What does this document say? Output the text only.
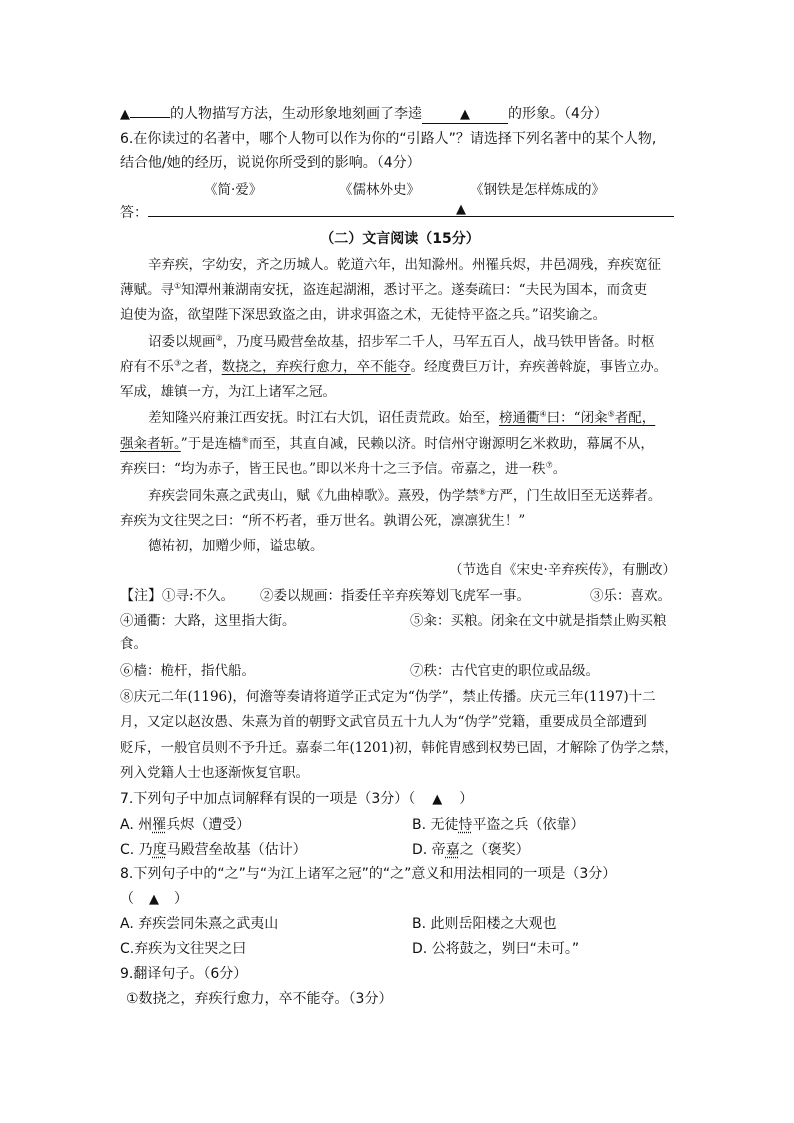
▲	的人物描写方法，生动形象地刻画了李逵	▲	的形象。（4分）
6.在你读过的名著中，哪个人物可以作为你的“引路人”？请选择下列名著中的某个人物,
结合他/她的经历，说说你所受到的影响。（4分）
《简·爱》	《儒林外史》	《钢铁是怎样炼成的》
答：	▲
（二）文言阅读（15分）
辛弃疾，字幼安，齐之历城人。乾道六年，出知滁州。州罹兵烬，井邑凋残，弃疾宽征
薄赋。寻①知潭州兼湖南安抚，盗连起湖湘，悉讨平之。遂奏疏曰：“夫民为国本，而贪吏
迫使为盗，欲望陛下深思致盗之由，讲求弭盗之术，无徒恃平盗之兵。”诏奖谕之。
诏委以规画②，乃度马殿营垒故基，招步军二千人，马军五百人，战马铁甲皆备。时枢
府有不乐③之者，数挠之，弃疾行愈力，卒不能夺。经度费巨万计，弃疾善斡旋，事皆立办。
军成，雄镇一方，为江上诸军之冠。
差知隆兴府兼江西安抚。时江右大饥，诏任责荒政。始至，榜通衢④曰：“闭籴⑤者配，
强籴者斩。”于是连樯⑥而至，其直自减，民赖以济。时信州守谢源明乞米救助，幕属不从，
弃疾曰：“均为赤子，皆王民也。”即以米舟十之三予信。帝嘉之，进一秩⑦。
弃疾尝同朱熹之武夷山，赋《九曲棹歌》。熹殁，伪学禁⑧方严，门生故旧至无送葬者。
弃疾为文往哭之曰：“所不朽者，垂万世名。孰谓公死，凛凛犹生！”
德祐初，加赠少师，谥忠敏。
（节选自《宋史·辛弃疾传》，有删改）
【注】①寻:不久。 ②委以规画：指委任辛弃疾筹划飞虎军一事。	③乐：喜欢。
④通衢：大路，这里指大街。	⑤籴：买粮。闭籴在文中就是指禁止购买粮
食。
⑥樯：桅杆，指代船。	⑦秩：古代官吏的职位或品级。
⑧庆元二年(1196)，何澹等奏请将道学正式定为“伪学”，禁止传播。庆元三年(1197)十二
月，又定以赵汝愚、朱熹为首的朝野文武官员五十九人为“伪学”党籍，重要成员全部遭到
贬斥，一般官员则不予升迁。嘉泰二年(1201)初，韩侂胄感到权势已固，才解除了伪学之禁，
列入党籍人士也逐渐恢复官职。
7.下列句子中加点词解释有误的一项是（3分）（ ▲ ）
A. 州罹兵烬（遭受）	B. 无徒恃平盗之兵（依靠）
C. 乃度马殿营垒故基（估计）	D. 帝嘉之（褒奖）
8.下列句子中的“之”与“为江上诸军之冠”的“之”意义和用法相同的一项是（3分）
（ ▲ ）
A. 弃疾尝同朱熹之武夷山	B. 此则岳阳楼之大观也
C.弃疾为文往哭之曰	D. 公将鼓之，刿曰“未可。”
9.翻译句子。（6分）
①数挠之，弃疾行愈力，卒不能夺。（3分）
